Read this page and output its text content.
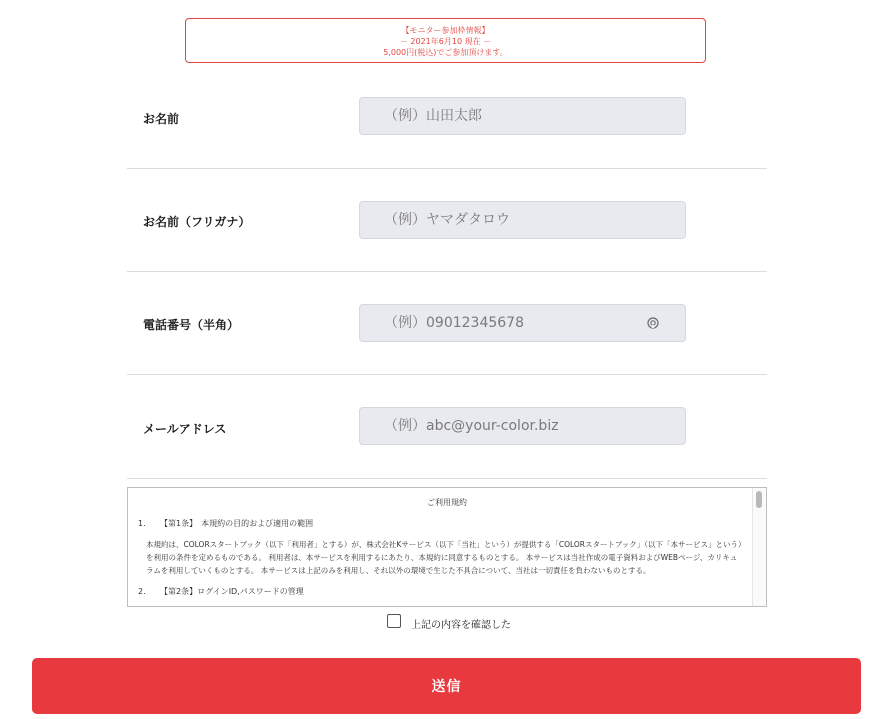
【モニター参加枠情報】
－ 2021年6月10 現在 －
5,000円(税込)でご参加頂けます。
お名前
（例）山田太郎
お名前（フリガナ）
（例）ヤマダタロウ
電話番号（半角）
（例）09012345678
メールアドレス
（例）abc@your-color.biz
ご利用規約
1. 【第1条】　本規約の目的および適用の範囲
本規約は、COLORスタートブック（以下「利用者」とする）が、株式会社Kサービス（以下「当社」という）が提供する「COLORスタートブック」（以下「本サービス」という）を利用の条件を定めるものである。 利用者は、本サービスを利用するにあたり、本規約に同意するものとする。 本サービスは当社作成の電子資料およびWEBページ、カリキュラムを利用していくものとする。 本サービスは上記のみを利用し、それ以外の環境で生じた不具合について、当社は一切責任を負わないものとする。
2. 【第2条】ログインID,パスワードの管理
上記の内容を確認した
送信
